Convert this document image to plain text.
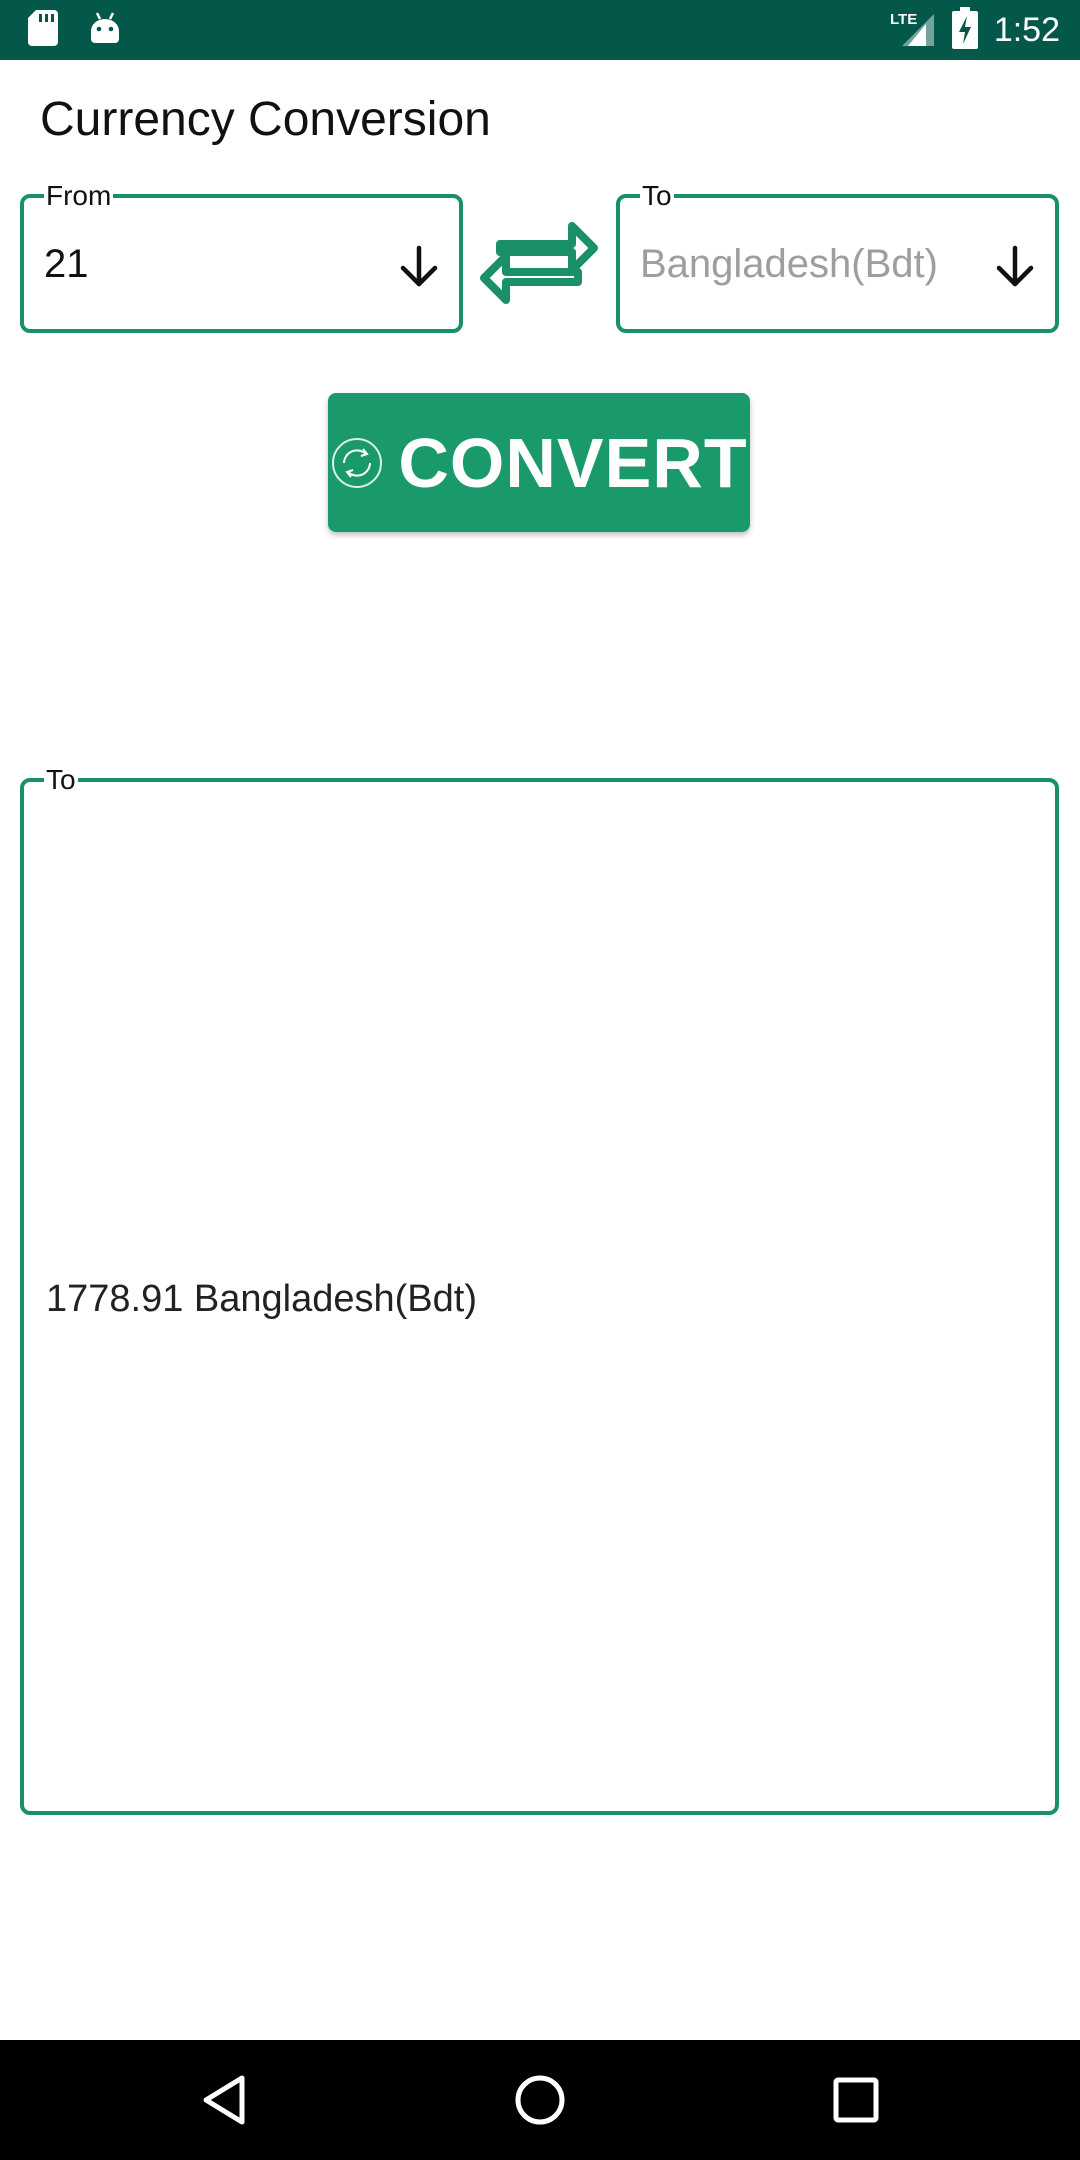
LTE 1:52
Currency Conversion
From
21
To
Bangladesh(Bdt)
CONVERT
To
1778.91 Bangladesh(Bdt)
